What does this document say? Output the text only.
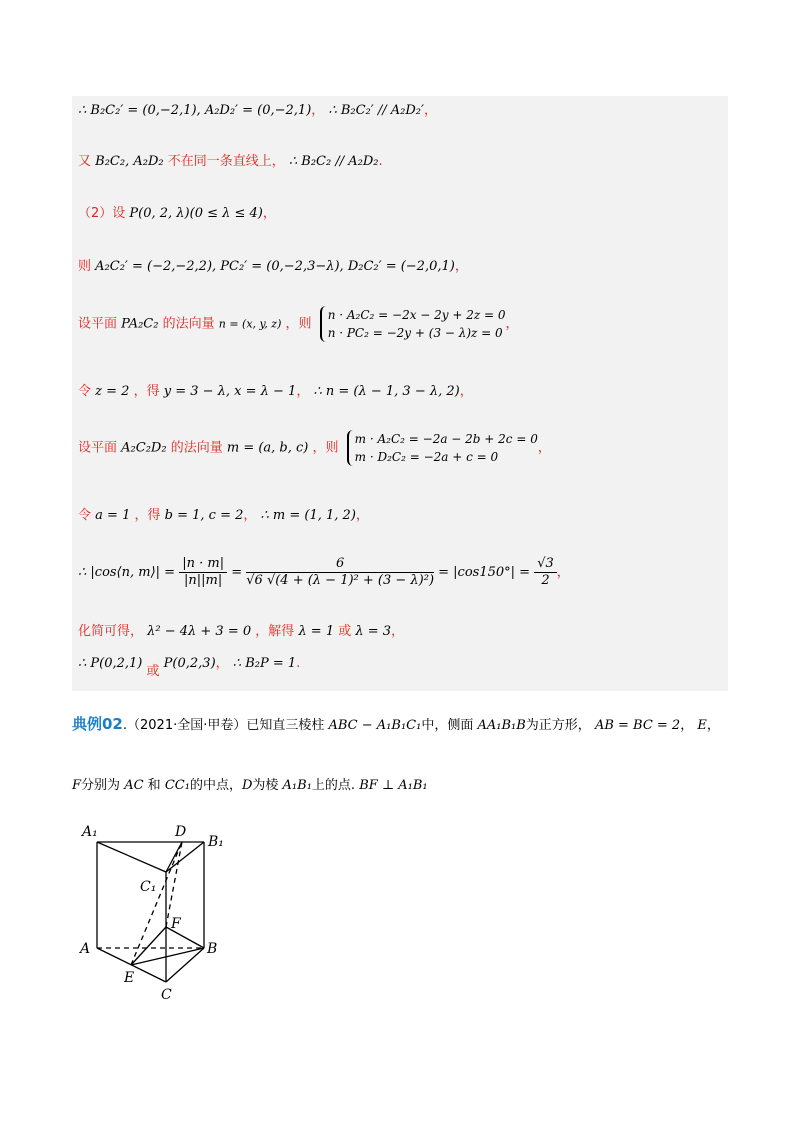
∴ B₂C₂′ = (0,−2,1), A₂D₂′ = (0,−2,1)， ∴ B₂C₂′ // A₂D₂′，
又 B₂C₂, A₂D₂ 不在同一条直线上， ∴ B₂C₂ // A₂D₂.
（2）设 P(0, 2, λ)(0 ≤ λ ≤ 4)，
则 A₂C₂′ = (−2,−2,2), PC₂′ = (0,−2,3−λ), D₂C₂′ = (−2,0,1)，
设平面 PA₂C₂ 的法向量 n = (x, y, z) ，则
n · A₂C₂ = −2x − 2y + 2z = 0
n · PC₂ = −2y + (3 − λ)z = 0
，
令 z = 2 ，得 y = 3 − λ, x = λ − 1， ∴ n = (λ − 1, 3 − λ, 2)，
设平面 A₂C₂D₂ 的法向量 m = (a, b, c) ，则
m · A₂C₂ = −2a − 2b + 2c = 0
m · D₂C₂ = −2a + c = 0
，
令 a = 1 ，得 b = 1, c = 2， ∴ m = (1, 1, 2)，
∴ |cos⟨n, m⟩| = $\frac{|n \cdot m|}{|n||m|} = \frac{6}{\text{√6 √(4 + (λ − 1)² + (3 − λ)²)}} = |\cos 150^\circ| = \frac{√3}{2}$ ，
化简可得， λ² − 4λ + 3 = 0 ，解得 λ = 1 或 λ = 3，
∴ P(0,2,1) 或 P(0,2,3)， ∴ B₂P = 1.
典例02.（2021·全国·甲卷）已知直三棱柱 ABC − A₁B₁C₁中，侧面 AA₁B₁B为正方形， AB = BC = 2， E，
F分别为 AC 和 CC₁的中点，D为棱 A₁B₁上的点. BF ⊥ A₁B₁
A₁	D
B₁
C₁
F
A	B
E
C
